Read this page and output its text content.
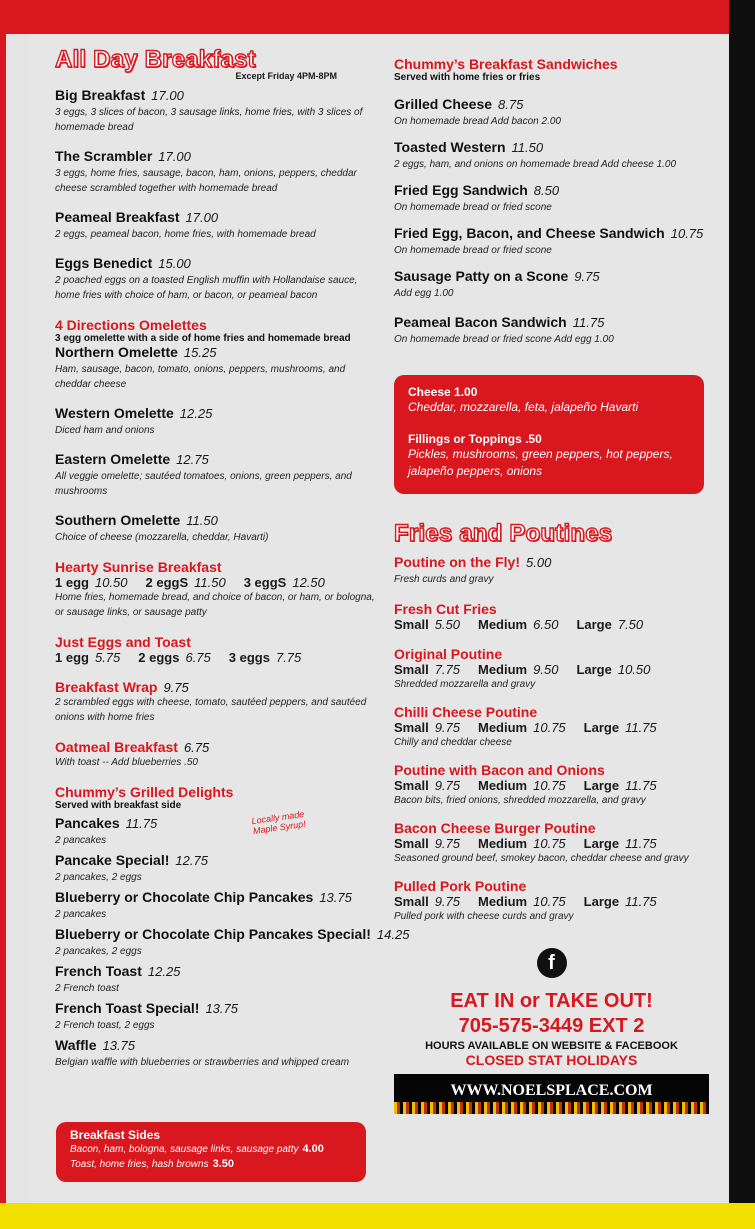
All Day Breakfast
Except Friday 4PM-8PM
Big Breakfast 17.00
3 eggs, 3 slices of bacon, 3 sausage links, home fries, with 3 slices of homemade bread
The Scrambler 17.00
3 eggs, home fries, sausage, bacon, ham, onions, peppers, cheddar cheese scrambled together with homemade bread
Peameal Breakfast 17.00
2 eggs, peameal bacon, home fries, with homemade bread
Eggs Benedict 15.00
2 poached eggs on a toasted English muffin with Hollandaise sauce, home fries with choice of ham, or bacon, or peameal bacon
4 Directions Omelettes
3 egg omelette with a side of home fries and homemade bread
Northern Omelette 15.25
Ham, sausage, bacon, tomato, onions, peppers, mushrooms, and cheddar cheese
Western Omelette 12.25
Diced ham and onions
Eastern Omelette 12.75
All veggie omelette; sautéed tomatoes, onions, green peppers, and mushrooms
Southern Omelette 11.50
Choice of cheese (mozzarella, cheddar, Havarti)
Hearty Sunrise Breakfast
1 egg 10.50 2 eggS 11.50 3 eggS 12.50
Home fries, homemade bread, and choice of bacon, or ham, or bologna, or sausage links, or sausage patty
Just Eggs and Toast
1 egg 5.75 2 eggs 6.75 3 eggs 7.75
Breakfast Wrap 9.75
2 scrambled eggs with cheese, tomato, sautéed peppers, and sautéed onions with home fries
Oatmeal Breakfast 6.75
With toast -- Add blueberries .50
Chummy’s Grilled Delights
Served with breakfast side
Pancakes 11.75
2 pancakes
Pancake Special! 12.75
2 pancakes, 2 eggs
Blueberry or Chocolate Chip Pancakes 13.75
2 pancakes
Blueberry or Chocolate Chip Pancakes Special! 14.25
2 pancakes, 2 eggs
French Toast 12.25
2 French toast
French Toast Special! 13.75
2 French toast, 2 eggs
Waffle 13.75
Belgian waffle with blueberries or strawberries and whipped cream
Locally made Maple Syrup!
Breakfast Sides
Bacon, ham, bologna, sausage links, sausage patty 4.00
Toast, home fries, hash browns 3.50
Chummy’s Breakfast Sandwiches
Served with home fries or fries
Grilled Cheese 8.75
On homemade bread Add bacon 2.00
Toasted Western 11.50
2 eggs, ham, and onions on homemade bread Add cheese 1.00
Fried Egg Sandwich 8.50
On homemade bread or fried scone
Fried Egg, Bacon, and Cheese Sandwich 10.75
On homemade bread or fried scone
Sausage Patty on a Scone 9.75
Add egg 1.00
Peameal Bacon Sandwich 11.75
On homemade bread or fried scone Add egg 1.00
Cheese 1.00
Cheddar, mozzarella, feta, jalapeño Havarti
Fillings or Toppings .50
Pickles, mushrooms, green peppers, hot peppers, jalapeño peppers, onions
Fries and Poutines
Poutine on the Fly! 5.00
Fresh curds and gravy
Fresh Cut Fries
Small 5.50 Medium 6.50 Large 7.50
Original Poutine
Small 7.75 Medium 9.50 Large 10.50
Shredded mozzarella and gravy
Chilli Cheese Poutine
Small 9.75 Medium 10.75 Large 11.75
Chilly and cheddar cheese
Poutine with Bacon and Onions
Small 9.75 Medium 10.75 Large 11.75
Bacon bits, fried onions, shredded mozzarella, and gravy
Bacon Cheese Burger Poutine
Small 9.75 Medium 10.75 Large 11.75
Seasoned ground beef, smokey bacon, cheddar cheese and gravy
Pulled Pork Poutine
Small 9.75 Medium 10.75 Large 11.75
Pulled pork with cheese curds and gravy
f
EAT IN or TAKE OUT!
705-575-3449 EXT 2
HOURS AVAILABLE ON WEBSITE & FACEBOOK
CLOSED STAT HOLIDAYS
WWW.NOELSPLACE.COM
